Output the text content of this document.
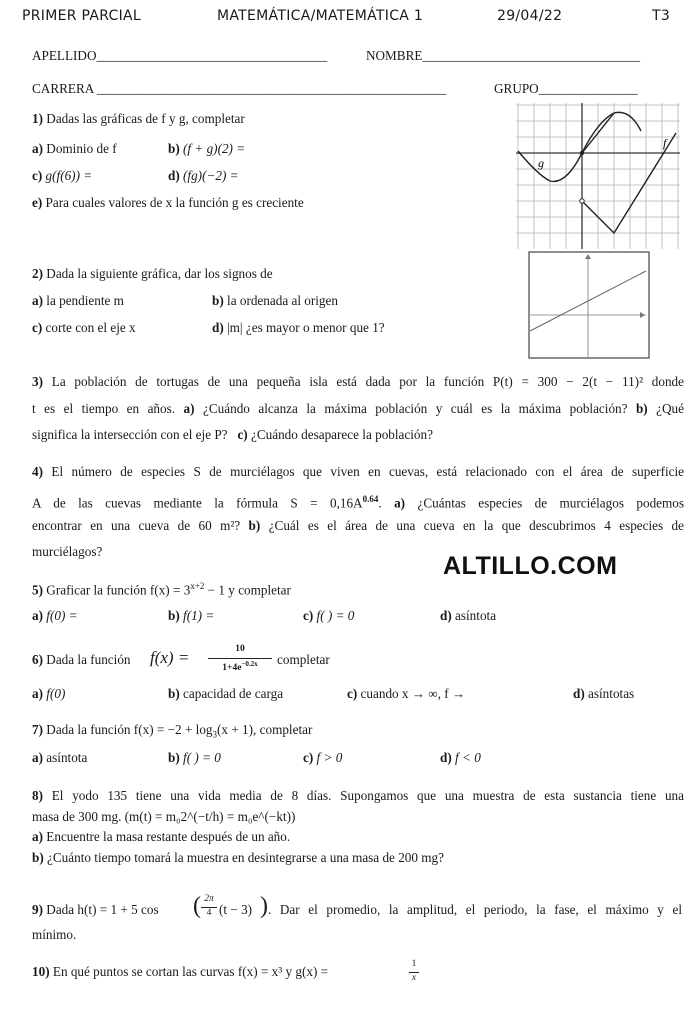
PRIMER PARCIAL	MATEMÁTICA/MATEMÁTICA 1	29/04/22	T3
APELLIDO___________________________________	NOMBRE_________________________________
CARRERA _____________________________________________________	GRUPO_______________
1) Dadas las gráficas de f y g, completar
a) Dominio de f	b) (f + g)(2) =
c) g(f(6)) =	d) (fg)(−2) =
e) Para cuales valores de x la función g es creciente
g
f
2) Dada la siguiente gráfica, dar los signos de
a) la pendiente m	b) la ordenada al origen
c) corte con el eje x	d) |m| ¿es mayor o menor que 1?
3) La población de tortugas de una pequeña isla está dada por la función P(t) = 300 − 2(t − 11)² donde
t es el tiempo en años. a) ¿Cuándo alcanza la máxima población y cuál es la máxima población? b) ¿Qué
significa la intersección con el eje P? c) ¿Cuándo desaparece la población?
4) El número de especies S de murciélagos que viven en cuevas, está relacionado con el área de superficie
A de las cuevas mediante la fórmula $S = 0,16A^{0.64}$. a) ¿Cuántas especies de murciélagos podemos
encontrar en una cueva de 60 m²? b) ¿Cuál es el área de una cueva en la que descubrimos 4 especies de
murciélagos?
ALTILLO.COM
5) Graficar la función $f(x) = 3^{x+2} - 1$ y completar
a) f(0) =	b) f(1) =	c) f( ) = 0	d) asíntota
6) Dada la función f(x) =	10
$1+4e^{-0.2x}$	completar
a) f(0)	b) capacidad de carga	c) cuando x → ∞, f →	d) asíntotas
7) Dada la función $f(x) = -2 + \log_3(x + 1)$, completar
a) asíntota	b) f( ) = 0	c) f > 0	d) f < 0
8) El yodo 135 tiene una vida media de 8 días. Supongamos que una muestra de esta sustancia tiene una
masa de 300 mg. (m(t) = m₀2^(−t/h) = m₀e^(−kt))
a) Encuentre la masa restante después de un año.
b) ¿Cuánto tiempo tomará la muestra en desintegrarse a una masa de 200 mg?
9) Dada h(t) = 1 + 5 cos ( 2π
4 (t − 3) ) . Dar el promedio, la amplitud, el periodo, la fase, el máximo y el
mínimo.
10) En qué puntos se cortan las curvas f(x) = x³ y g(x) =	1
x
